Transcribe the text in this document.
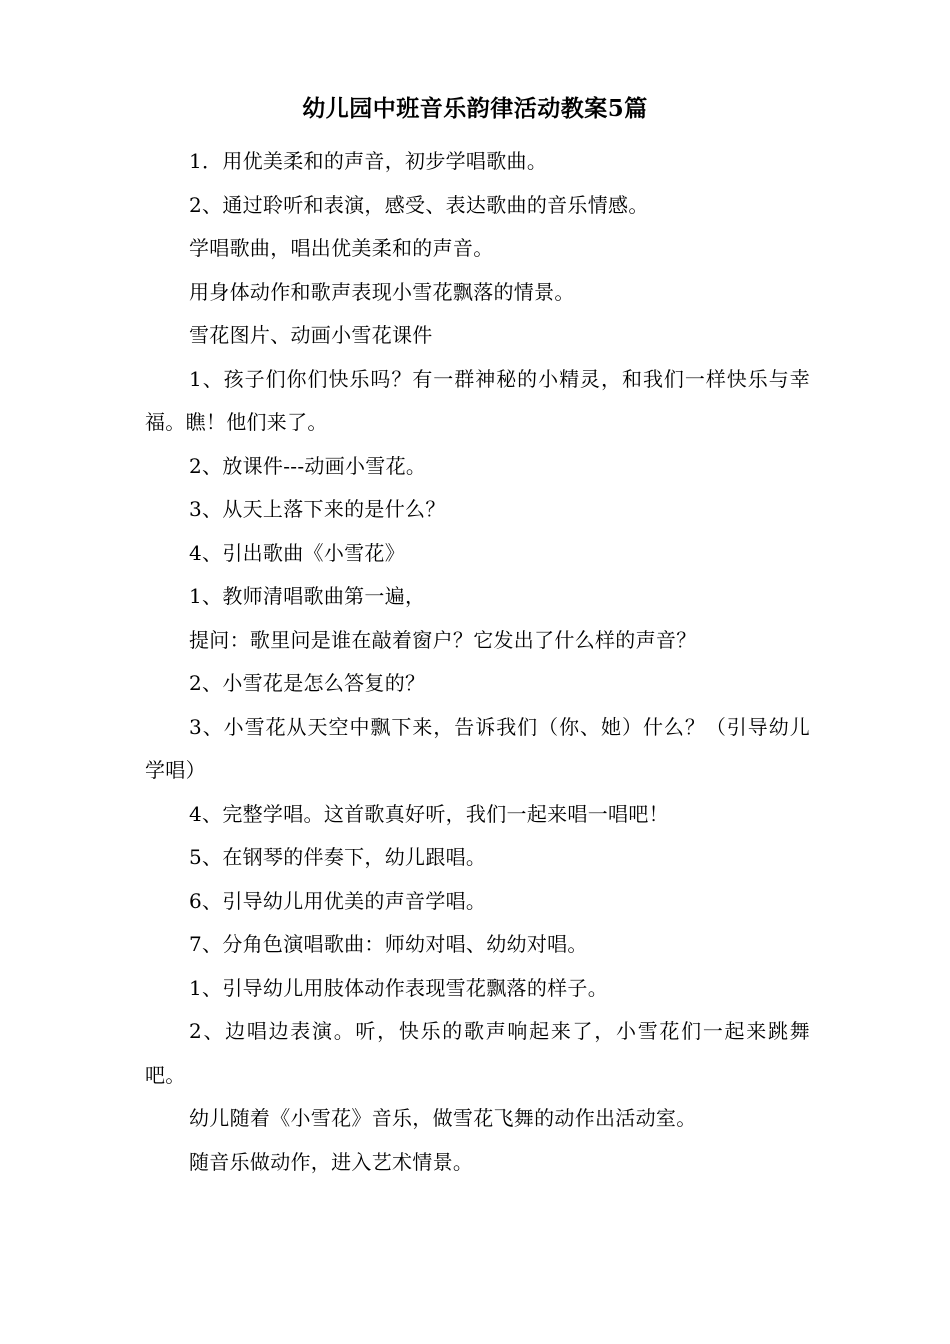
幼儿园中班音乐韵律活动教案5篇

1．用优美柔和的声音，初步学唱歌曲。

2、通过聆听和表演，感受、表达歌曲的音乐情感。

学唱歌曲，唱出优美柔和的声音。

用身体动作和歌声表现小雪花飘落的情景。

雪花图片、动画小雪花课件

1、孩子们你们快乐吗？有一群神秘的小精灵，和我们一样快乐与幸福。瞧！他们来了。

2、放课件---动画小雪花。

3、从天上落下来的是什么？

4、引出歌曲《小雪花》

1、教师清唱歌曲第一遍，

提问：歌里问是谁在敲着窗户？它发出了什么样的声音？

2、小雪花是怎么答复的？

3、小雪花从天空中飘下来，告诉我们（你、她）什么？（引导幼儿学唱）

4、完整学唱。这首歌真好听，我们一起来唱一唱吧！

5、在钢琴的伴奏下，幼儿跟唱。

6、引导幼儿用优美的声音学唱。

7、分角色演唱歌曲：师幼对唱、幼幼对唱。

1、引导幼儿用肢体动作表现雪花飘落的样子。

2、边唱边表演。听，快乐的歌声响起来了，小雪花们一起来跳舞吧。

幼儿随着《小雪花》音乐，做雪花飞舞的动作出活动室。

随音乐做动作，进入艺术情景。
